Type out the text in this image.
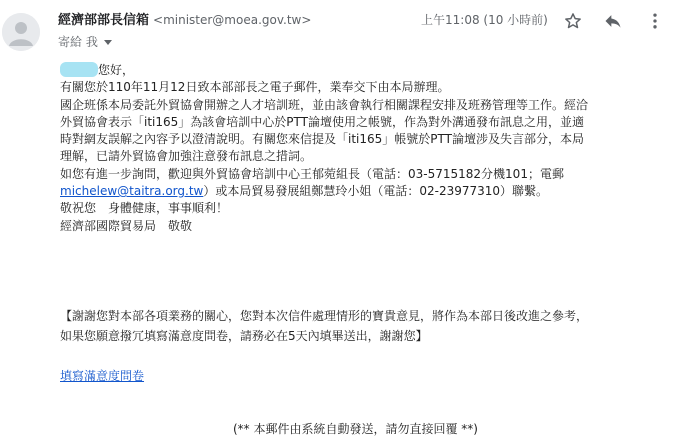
經濟部部長信箱 <minister@moea.gov.tw>
寄給 我
上午11:08 (10 小時前)

您好，

有關您於110年11月12日致本部部長之電子郵件，業奉交下由本局辦理。

國企班係本局委託外貿協會開辦之人才培訓班，並由該會執行相關課程安排及班務管理等工作。經洽

外貿協會表示「iti165」為該會培訓中心於PTT論壇使用之帳號，作為對外溝通發布訊息之用，並適

時對網友誤解之內容予以澄清說明。有關您來信提及「iti165」帳號於PTT論壇涉及失言部分，本局

理解，已請外貿協會加強注意發布訊息之措詞。

如您有進一步詢問，歡迎與外貿協會培訓中心王郁菀組長（電話：03-5715182分機101；電郵

michelew@taitra.org.tw）或本局貿易發展組鄭慧玲小姐（電話：02-23977310）聯繫。

敬祝您　身體健康，事事順利！

經濟部國際貿易局　敬敬

【謝謝您對本部各項業務的關心，您對本次信件處理情形的寶貴意見，將作為本部日後改進之參考，

如果您願意撥冗填寫滿意度問卷，請務必在5天內填畢送出，謝謝您】

填寫滿意度問卷
(** 本郵件由系統自動發送，請勿直接回覆 **)
